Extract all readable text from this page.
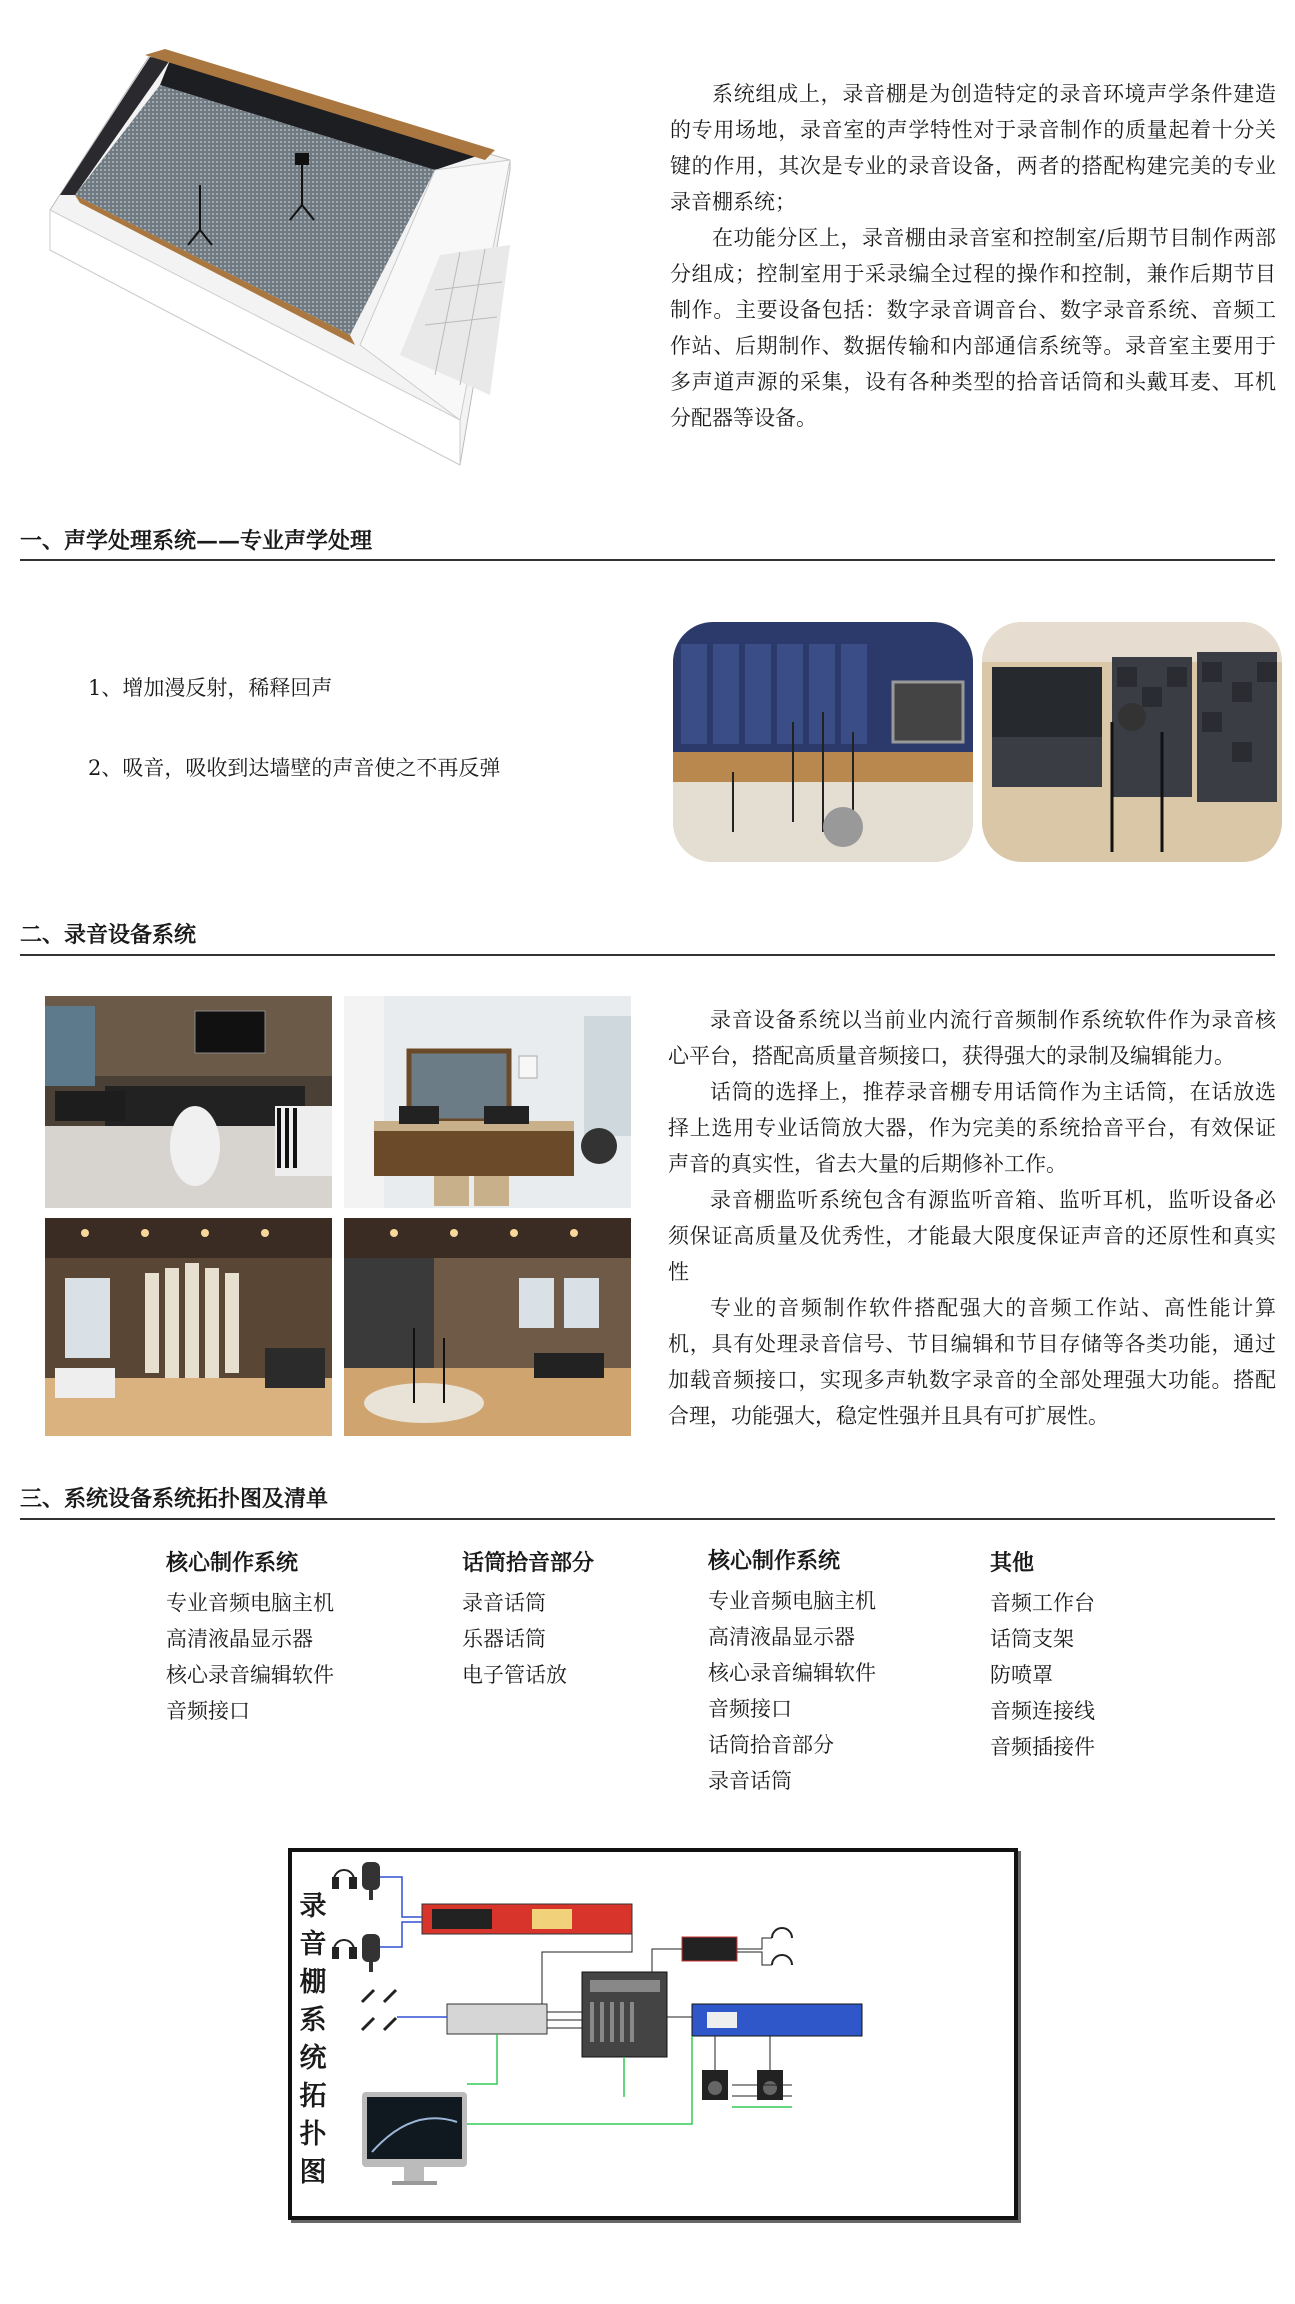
系统组成上，录音棚是为创造特定的录音环境声学条件建造的专用场地，录音室的声学特性对于录音制作的质量起着十分关键的作用，其次是专业的录音设备，两者的搭配构建完美的专业录音棚系统；

在功能分区上，录音棚由录音室和控制室/后期节目制作两部分组成；控制室用于采录编全过程的操作和控制，兼作后期节目制作。主要设备包括：数字录音调音台、数字录音系统、音频工作站、后期制作、数据传输和内部通信系统等。录音室主要用于多声道声源的采集，设有各种类型的拾音话筒和头戴耳麦、耳机分配器等设备。

一、声学处理系统——专业声学处理
1、增加漫反射，稀释回声
2、吸音，吸收到达墙壁的声音使之不再反弹
二、录音设备系统

录音设备系统以当前业内流行音频制作系统软件作为录音核心平台，搭配高质量音频接口，获得强大的录制及编辑能力。

话筒的选择上，推荐录音棚专用话筒作为主话筒，在话放选择上选用专业话筒放大器，作为完美的系统拾音平台，有效保证声音的真实性，省去大量的后期修补工作。

录音棚监听系统包含有源监听音箱、监听耳机，监听设备必须保证高质量及优秀性，才能最大限度保证声音的还原性和真实性

专业的音频制作软件搭配强大的音频工作站、高性能计算机，具有处理录音信号、节目编辑和节目存储等各类功能，通过加载音频接口，实现多声轨数字录音的全部处理强大功能。搭配合理，功能强大，稳定性强并且具有可扩展性。

三、系统设备系统拓扑图及清单
核心制作系统
专业音频电脑主机
高清液晶显示器
核心录音编辑软件
音频接口
话筒拾音部分
录音话筒
乐器话筒
电子管话放
核心制作系统
专业音频电脑主机
高清液晶显示器
核心录音编辑软件
音频接口
话筒拾音部分
录音话筒
其他
音频工作台
话筒支架
防喷罩
音频连接线
音频插接件
录
音
棚
系
统
拓
扑
图
